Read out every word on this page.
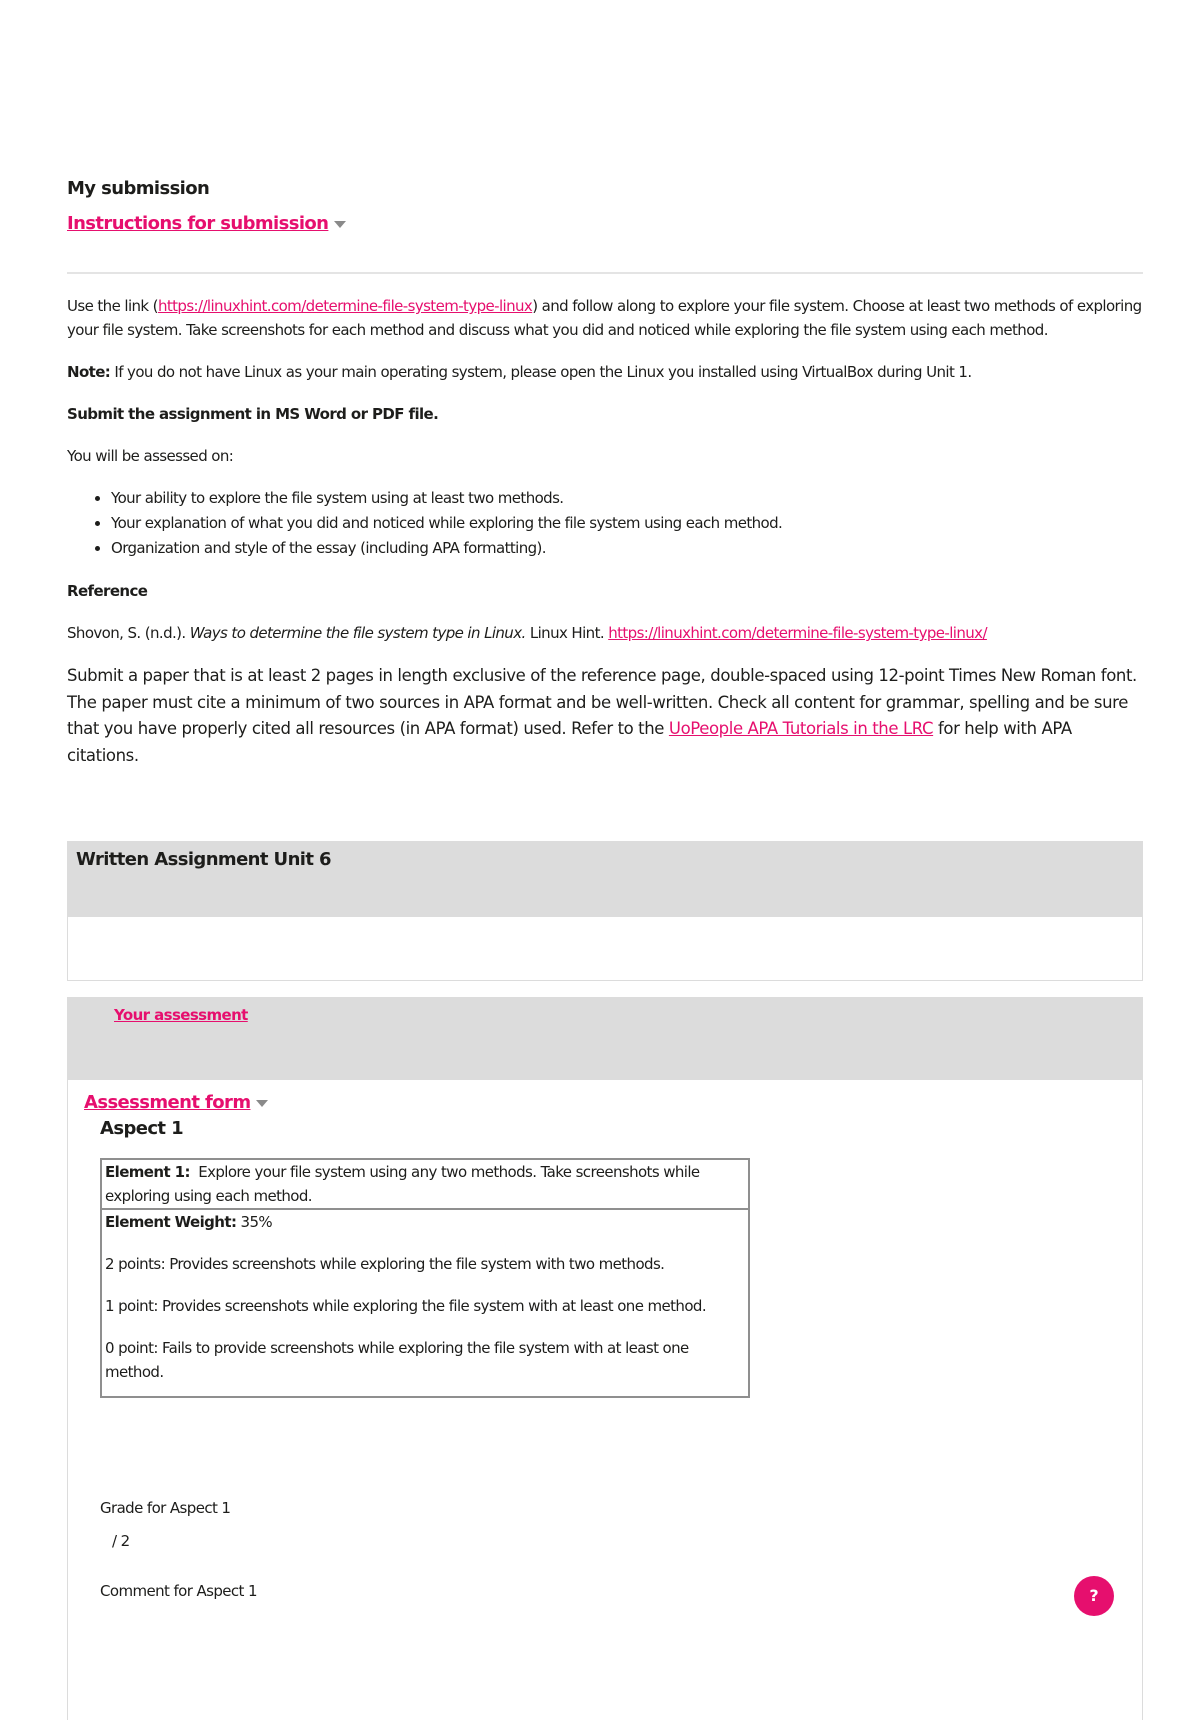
My submission
Instructions for submission

Use the link (https://linuxhint.com/determine-file-system-type-linux) and follow along to explore your file system. Choose at least two methods of exploring your file system. Take screenshots for each method and discuss what you did and noticed while exploring the file system using each method.

Note: If you do not have Linux as your main operating system, please open the Linux you installed using VirtualBox during Unit 1.

Submit the assignment in MS Word or PDF file.

You will be assessed on:

• Your ability to explore the file system using at least two methods.
• Your explanation of what you did and noticed while exploring the file system using each method.
• Organization and style of the essay (including APA formatting).

Reference

Shovon, S. (n.d.). Ways to determine the file system type in Linux. Linux Hint. https://linuxhint.com/determine-file-system-type-linux/

Submit a paper that is at least 2 pages in length exclusive of the reference page, double-spaced using 12-point Times New Roman font. The paper must cite a minimum of two sources in APA format and be well-written. Check all content for grammar, spelling and be sure that you have properly cited all resources (in APA format) used. Refer to the UoPeople APA Tutorials in the LRC for help with APA citations.

Written Assignment Unit 6
Your assessment
Assessment form
Aspect 1
Element 1:  Explore your file system using any two methods. Take screenshots while exploring using each method.

Element Weight: 35%

2 points: Provides screenshots while exploring the file system with two methods.

1 point: Provides screenshots while exploring the file system with at least one method.

0 point: Fails to provide screenshots while exploring the file system with at least one method.

Grade for Aspect 1
/ 2
Comment for Aspect 1	?
